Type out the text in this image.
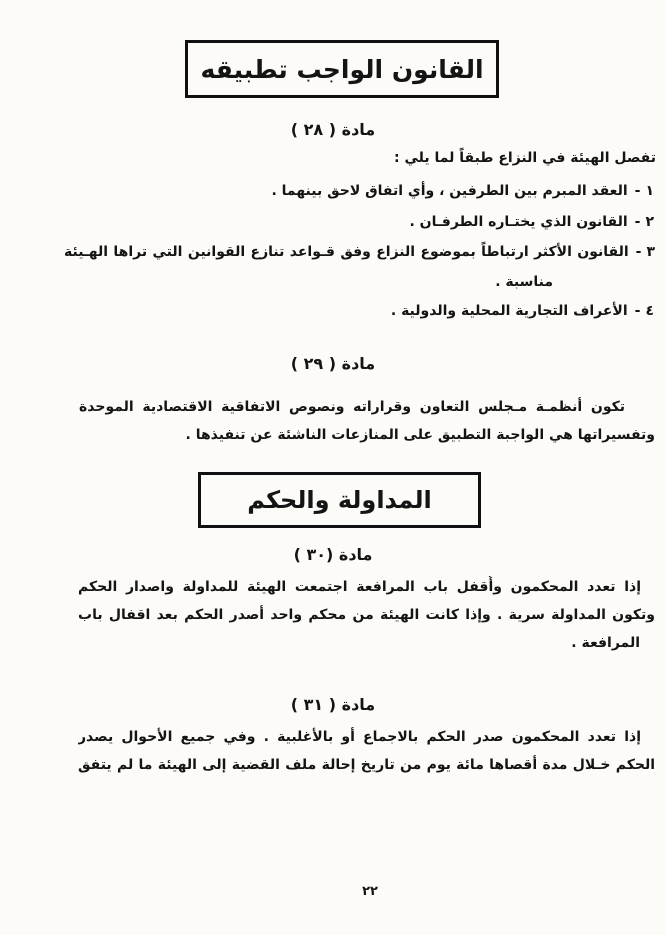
القانون الواجب تطبيقه
مادة ( ٢٨ )
تفصل الهيئة في النزاع طبقاً لما يلي :
١-العقد المبرم بين الطرفين ، وأي اتفاق لاحق بينهما .
٢-القانون الذي يختـاره الطرفـان .
٣-القانون الأكثر ارتباطاً بموضوع النزاع وفق قـواعد تنازع القوانين التي تراها الهـيئة
مناسبة .
٤-الأعراف التجارية المحلية والدولية .
مادة ( ٢٩ )
تكون أنظمـة مـجلس التعاون وقراراته ونصوص الاتفاقية الاقتصادية الموحدة
وتفسيراتها هي الواجبة التطبيق على المنازعات الناشئة عن تنفيذها .
المداولة والحكم
مادة (٣٠ )
إذا تعدد المحكمون وأُقفل باب المرافعة اجتمعت الهيئة للمداولة واصدار الحكم
وتكون المداولة سرية . وإذا كانت الهيئة من محكم واحد أصدر الحكم بعد اقفال باب
المرافعة .
مادة ( ٣١ )
إذا تعدد المحكمون صدر الحكم بالاجماع أو بالأغلبية . وفي جميع الأحوال يصدر
الحكم خـلال مدة أقصاها مائة يوم من تاريخ إحالة ملف القضية إلى الهيئة ما لم يتفق
٢٢
